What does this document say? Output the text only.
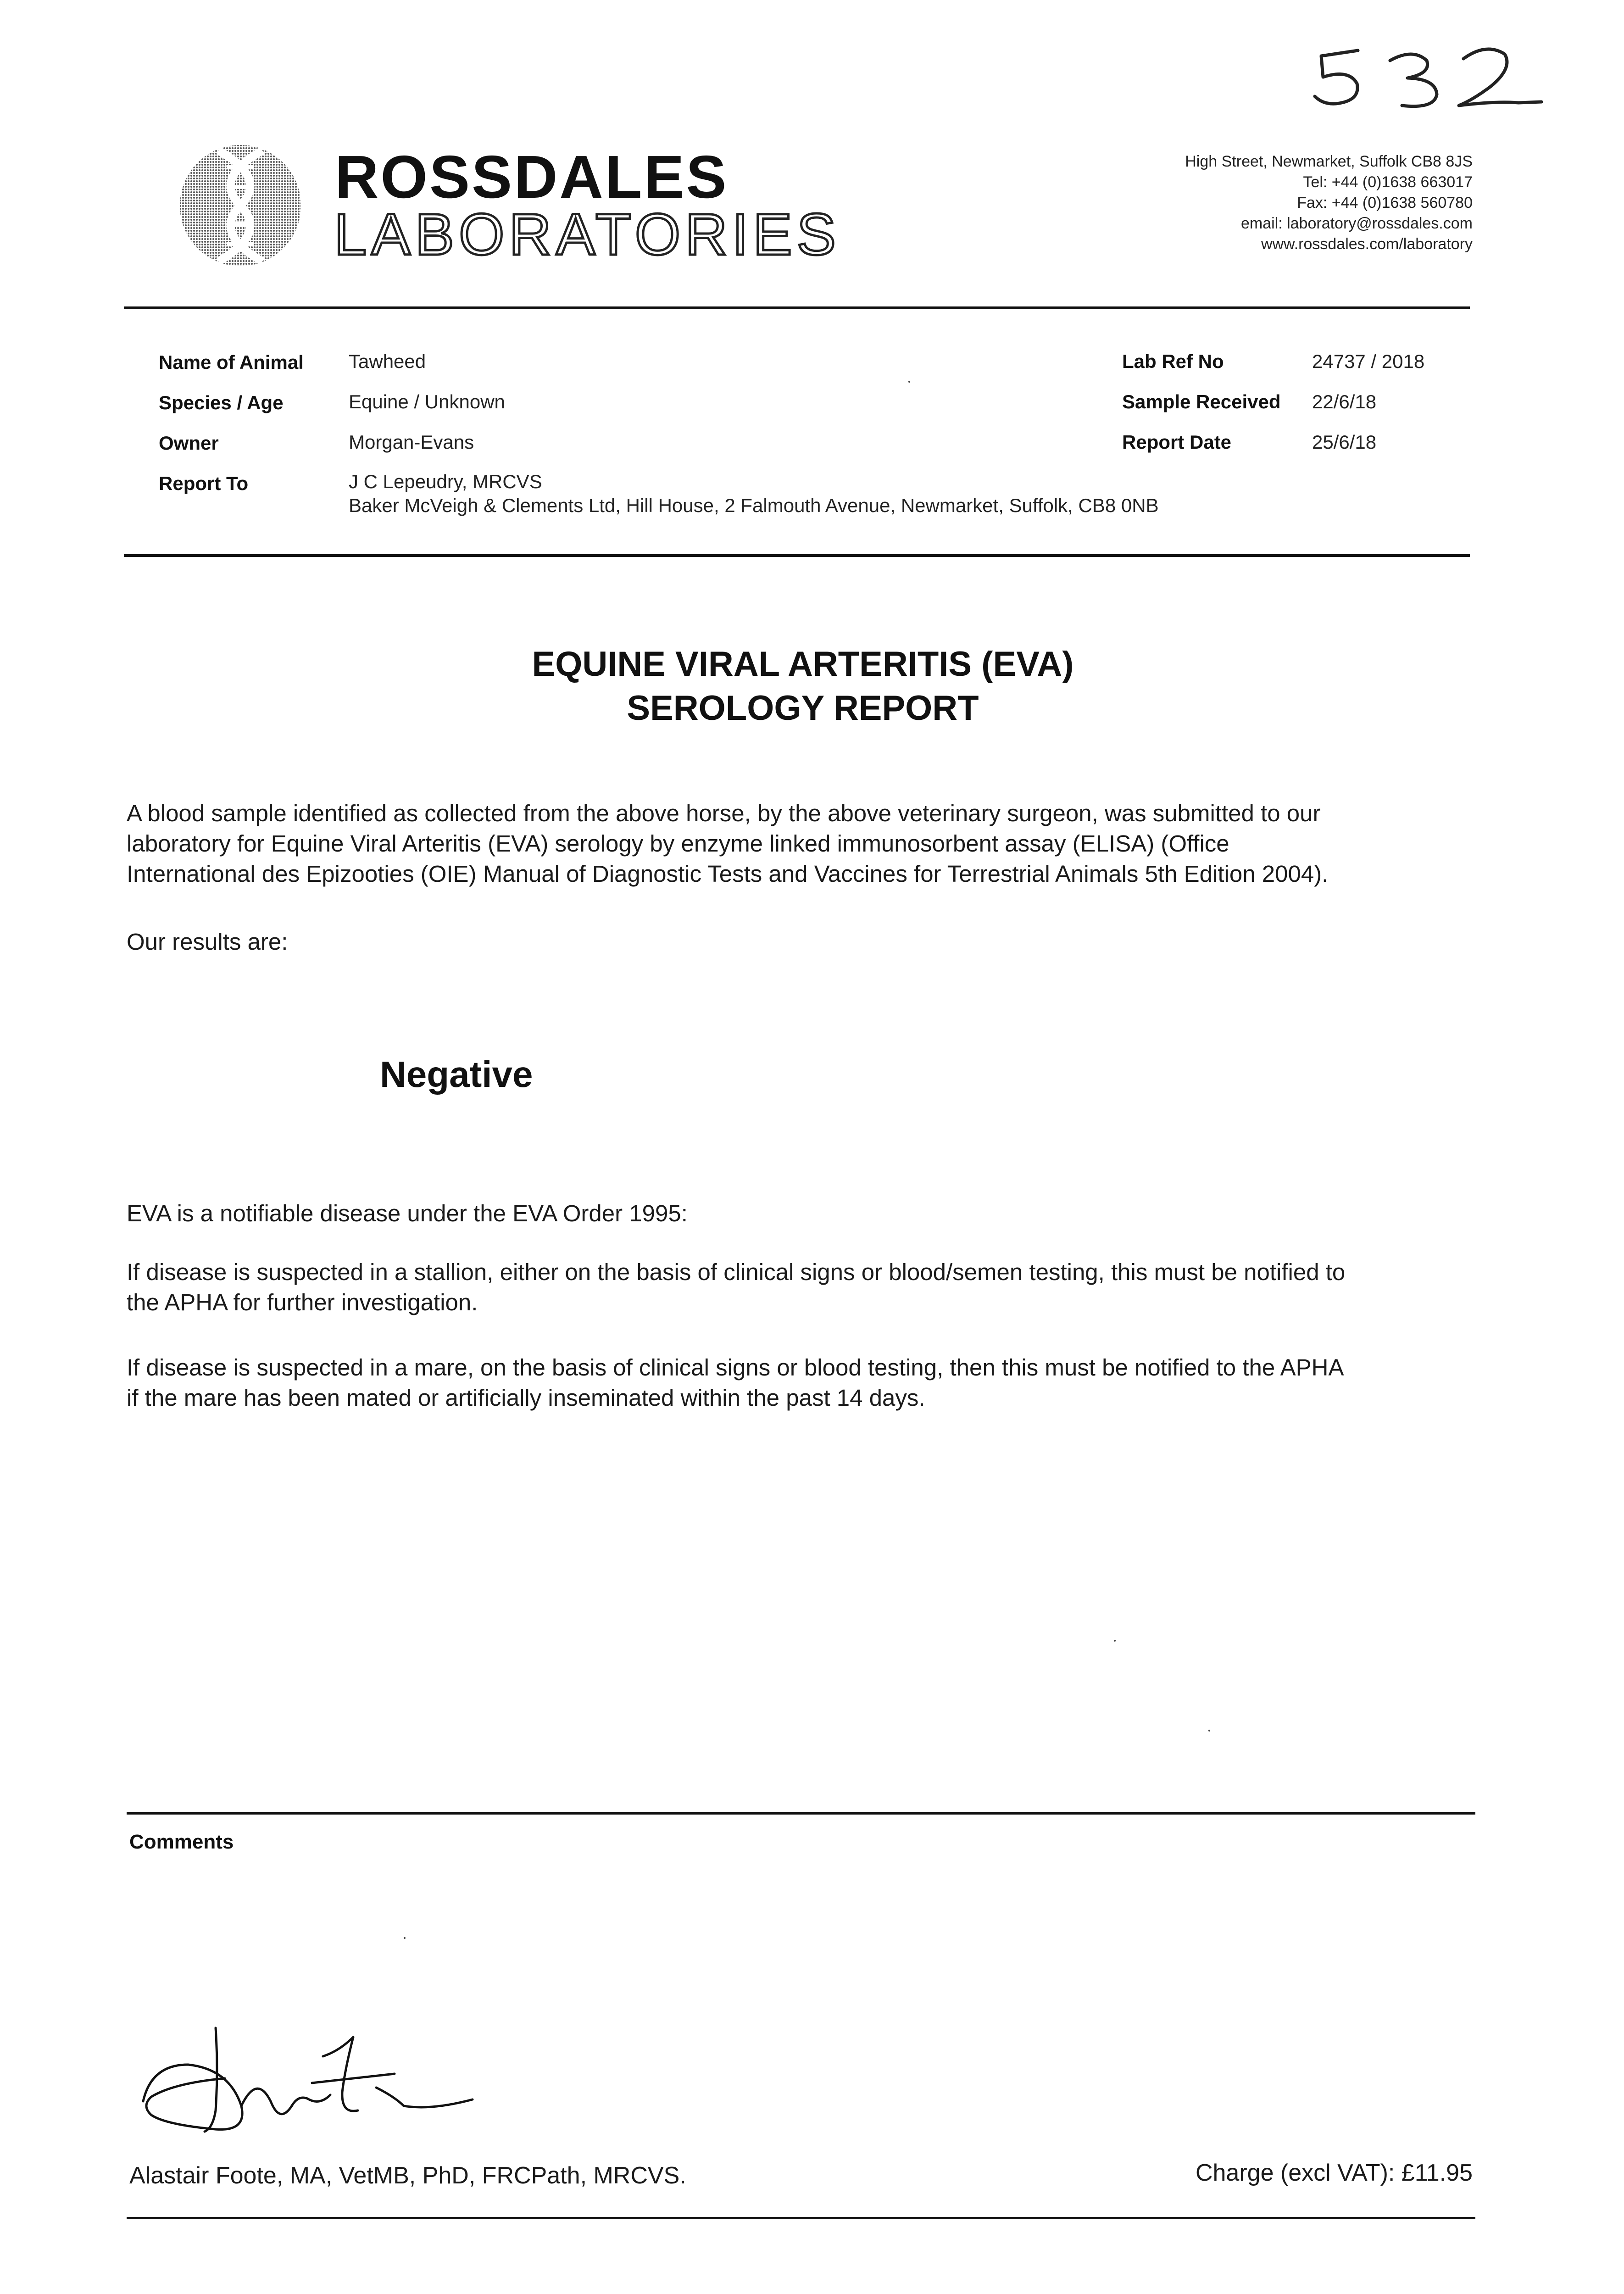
ROSSDALES
LABORATORIES
High Street, Newmarket, Suffolk CB8 8JS
Tel: +44 (0)1638 663017
Fax: +44 (0)1638 560780
email: laboratory@rossdales.com
www.rossdales.com/laboratory
Name of Animal Tawheed
Species / Age	Equine / Unknown
Owner	Morgan-Evans
Report To	J C Lepeudry, MRCVS
Baker McVeigh & Clements Ltd, Hill House, 2 Falmouth Avenue, Newmarket, Suffolk, CB8 0NB
Lab Ref No	24737 / 2018
Sample Received 22/6/18
Report Date	25/6/18
EQUINE VIRAL ARTERITIS (EVA)
SEROLOGY REPORT
A blood sample identified as collected from the above horse, by the above veterinary surgeon, was submitted to our
laboratory for Equine Viral Arteritis (EVA) serology by enzyme linked immunosorbent assay (ELISA) (Office
International des Epizooties (OIE) Manual of Diagnostic Tests and Vaccines for Terrestrial Animals 5th Edition 2004).
Our results are:
Negative
EVA is a notifiable disease under the EVA Order 1995:
If disease is suspected in a stallion, either on the basis of clinical signs or blood/semen testing, this must be notified to
the APHA for further investigation.
If disease is suspected in a mare, on the basis of clinical signs or blood testing, then this must be notified to the APHA
if the mare has been mated or artificially inseminated within the past 14 days.
Comments
Alastair Foote, MA, VetMB, PhD, FRCPath, MRCVS.	Charge (excl VAT): £11.95
